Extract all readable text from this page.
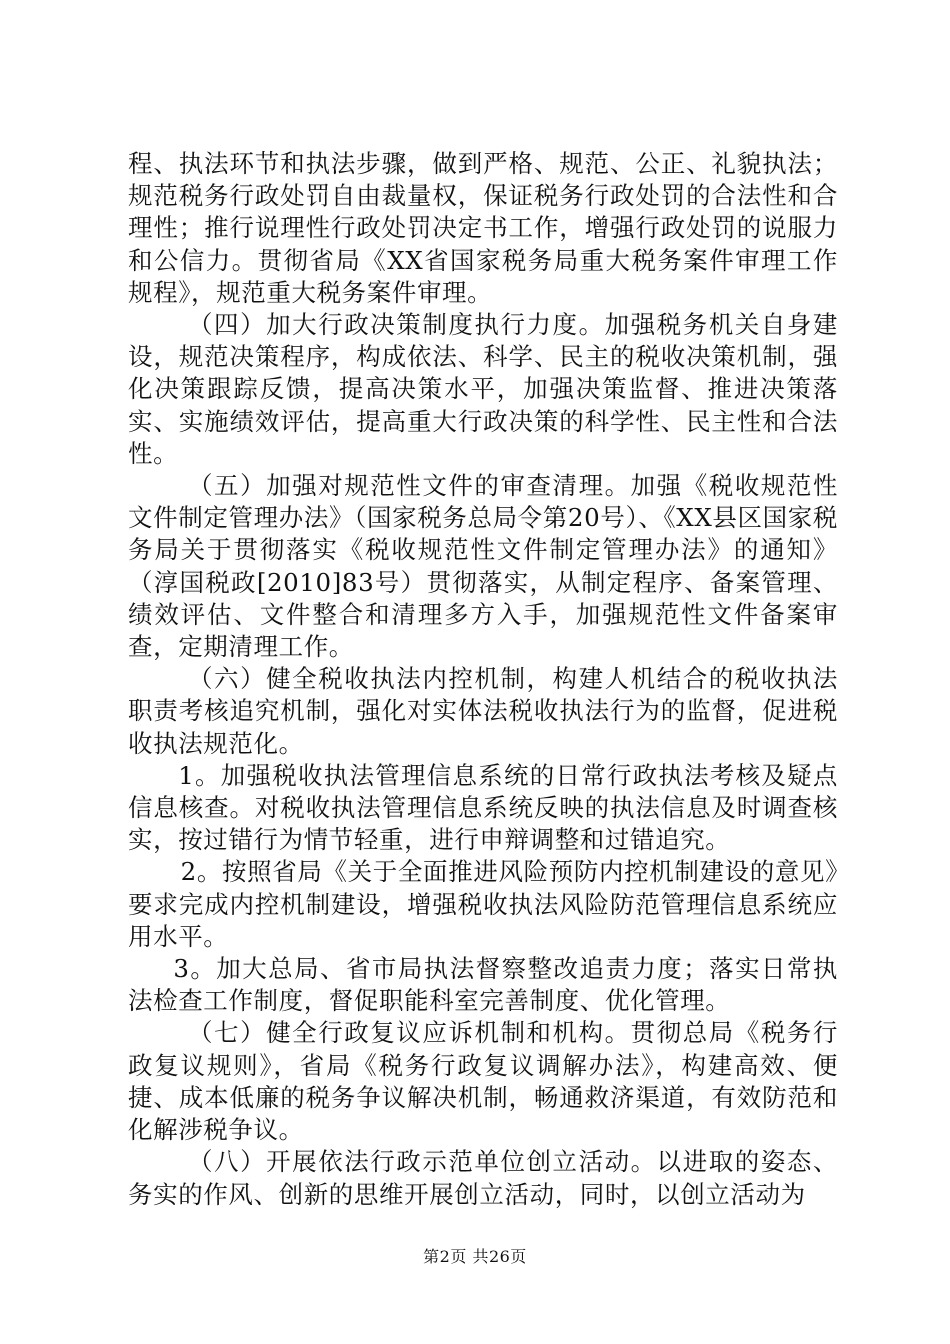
程、执法环节和执法步骤，做到严格、规范、公正、礼貌执法；规范税务行政处罚自由裁量权，保证税务行政处罚的合法性和合理性；推行说理性行政处罚决定书工作，增强行政处罚的说服力和公信力。贯彻省局《XX省国家税务局重大税务案件审理工作规程》，规范重大税务案件审理。

（四）加大行政决策制度执行力度。加强税务机关自身建设，规范决策程序，构成依法、科学、民主的税收决策机制，强化决策跟踪反馈，提高决策水平，加强决策监督、推进决策落实、实施绩效评估，提高重大行政决策的科学性、民主性和合法性。

（五）加强对规范性文件的审查清理。加强《税收规范性文件制定管理办法》（国家税务总局令第20号）、《XX县区国家税务局关于贯彻落实《税收规范性文件制定管理办法》的通知》（淳国税政[2010]83号）贯彻落实，从制定程序、备案管理、绩效评估、文件整合和清理多方入手，加强规范性文件备案审查，定期清理工作。

（六）健全税收执法内控机制，构建人机结合的税收执法职责考核追究机制，强化对实体法税收执法行为的监督，促进税收执法规范化。

1。加强税收执法管理信息系统的日常行政执法考核及疑点信息核查。对税收执法管理信息系统反映的执法信息及时调查核实，按过错行为情节轻重，进行申辩调整和过错追究。

2。按照省局《关于全面推进风险预防内控机制建设的意见》要求完成内控机制建设，增强税收执法风险防范管理信息系统应用水平。

3。加大总局、省市局执法督察整改追责力度；落实日常执法检查工作制度，督促职能科室完善制度、优化管理。

（七）健全行政复议应诉机制和机构。贯彻总局《税务行政复议规则》，省局《税务行政复议调解办法》，构建高效、便捷、成本低廉的税务争议解决机制，畅通救济渠道，有效防范和化解涉税争议。

（八）开展依法行政示范单位创立活动。以进取的姿态、务实的作风、创新的思维开展创立活动，同时，以创立活动为

第2页 共26页
